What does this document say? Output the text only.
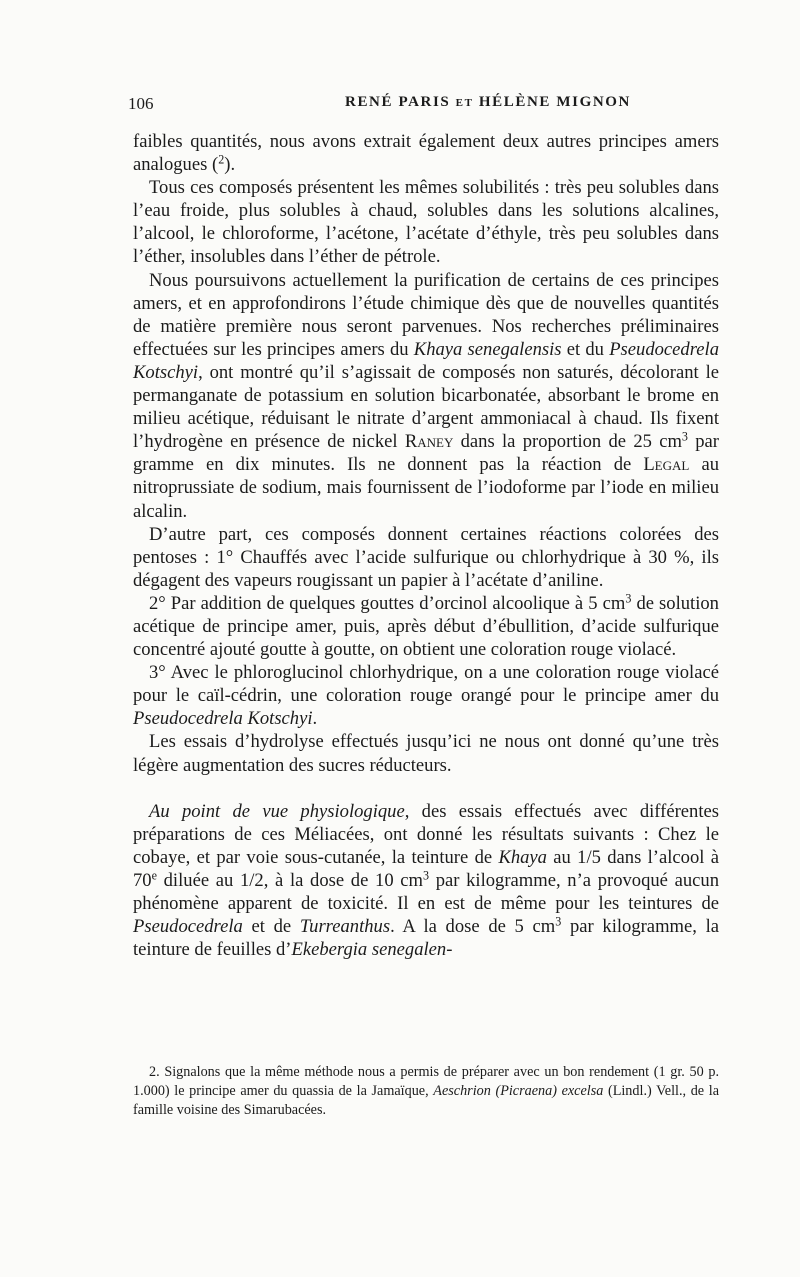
106	RENÉ PARIS et HÉLÈNE MIGNON

faibles quantités, nous avons extrait également deux autres principes amers analogues ($^2$).

Tous ces composés présentent les mêmes solubilités : très peu solubles dans l’eau froide, plus solubles à chaud, solubles dans les solutions alcalines, l’alcool, le chloroforme, l’acétone, l’acétate d’éthyle, très peu solubles dans l’éther, insolubles dans l’éther de pétrole.

Nous poursuivons actuellement la purification de certains de ces principes amers, et en approfondirons l’étude chimique dès que de nouvelles quantités de matière première nous seront parvenues. Nos recherches préliminaires effectuées sur les principes amers du Khaya senegalensis et du Pseudocedrela Kotschyi, ont montré qu’il s’agissait de composés non saturés, décolorant le permanganate de potassium en solution bicarbonatée, absorbant le brome en milieu acétique, réduisant le nitrate d’argent ammoniacal à chaud. Ils fixent l’hydrogène en présence de nickel Raney dans la proportion de 25 $cm^3$ par gramme en dix minutes. Ils ne donnent pas la réaction de Legal au nitroprussiate de sodium, mais fournissent de l’iodoforme par l’iode en milieu alcalin.

D’autre part, ces composés donnent certaines réactions colorées des pentoses : 1° Chauffés avec l’acide sulfurique ou chlorhydrique à 30 %, ils dégagent des vapeurs rougissant un papier à l’acétate d’aniline.

2° Par addition de quelques gouttes d’orcinol alcoolique à 5 $cm^3$ de solution acétique de principe amer, puis, après début d’ébullition, d’acide sulfurique concentré ajouté goutte à goutte, on obtient une coloration rouge violacé.

3° Avec le phloroglucinol chlorhydrique, on a une coloration rouge violacé pour le caïl-cédrin, une coloration rouge orangé pour le principe amer du Pseudocedrela Kotschyi.

Les essais d’hydrolyse effectués jusqu’ici ne nous ont donné qu’une très légère augmentation des sucres réducteurs.

Au point de vue physiologique, des essais effectués avec différentes préparations de ces Méliacées, ont donné les résultats suivants : Chez le cobaye, et par voie sous-cutanée, la teinture de Khaya au 1/5 dans l’alcool à 70e diluée au 1/2, à la dose de 10 $cm^3$ par kilogramme, n’a provoqué aucun phénomène apparent de toxicité. Il en est de même pour les teintures de Pseudocedrela et de Turreanthus. A la dose de 5 $cm^3$ par kilogramme, la teinture de feuilles d’Ekebergia senegalen-

2. Signalons que la même méthode nous a permis de préparer avec un bon rendement (1 gr. 50 p. 1.000) le principe amer du quassia de la Jamaïque, Aeschrion (Picraena) excelsa (Lindl.) Vell., de la famille voisine des Simarubacées.
